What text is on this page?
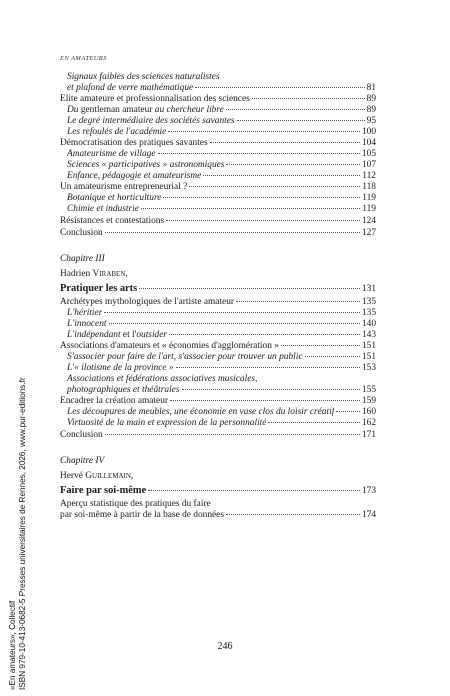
EN AMATEURS
Signaux faibles des sciences naturalistes
et plafond de verre mathématique	81
Élite amateure et professionnalisation des sciences	89
Du gentleman amateur au chercheur libre	89
Le degré intermédiaire des sociétés savantes	95
Les refoulés de l'académie	100
Démocratisation des pratiques savantes	104
Amateurisme de village	105
Sciences « participatives » astronomiques	107
Enfance, pédagogie et amateurisme	112
Un amateurisme entrepreneurial ?	118
Botanique et horticulture	119
Chimie et industrie	119
Résistances et contestations	124
Conclusion	127
Chapitre III
Hadrien Viraben,
Pratiquer les arts	131
Archétypes mythologiques de l'artiste amateur	135
L'héritier	135
L'innocent	140
L'indépendant et l'outsider	143
Associations d'amateurs et « économies d'agglomération »	151
S'associer pour faire de l'art, s'associer pour trouver un public	151
L'« ilotisme de la province »	153
Associations et fédérations associatives musicales,
photographiques et théâtrales	155
Encadrer la création amateur	159
Les découpures de meubles, une économie en vase clos du loisir créatif	160
Virtuosité de la main et expression de la personnalité	162
Conclusion	171
Chapitre IV
Hervé Guillemain,
Faire par soi-même	173
Aperçu statistique des pratiques du faire
par soi-même à partir de la base de données	174
246
«En amateurs», Collectif ISBN 979-10-413-0682-5 Presses universitaires de Rennes, 2026, www.pur-editions.fr
